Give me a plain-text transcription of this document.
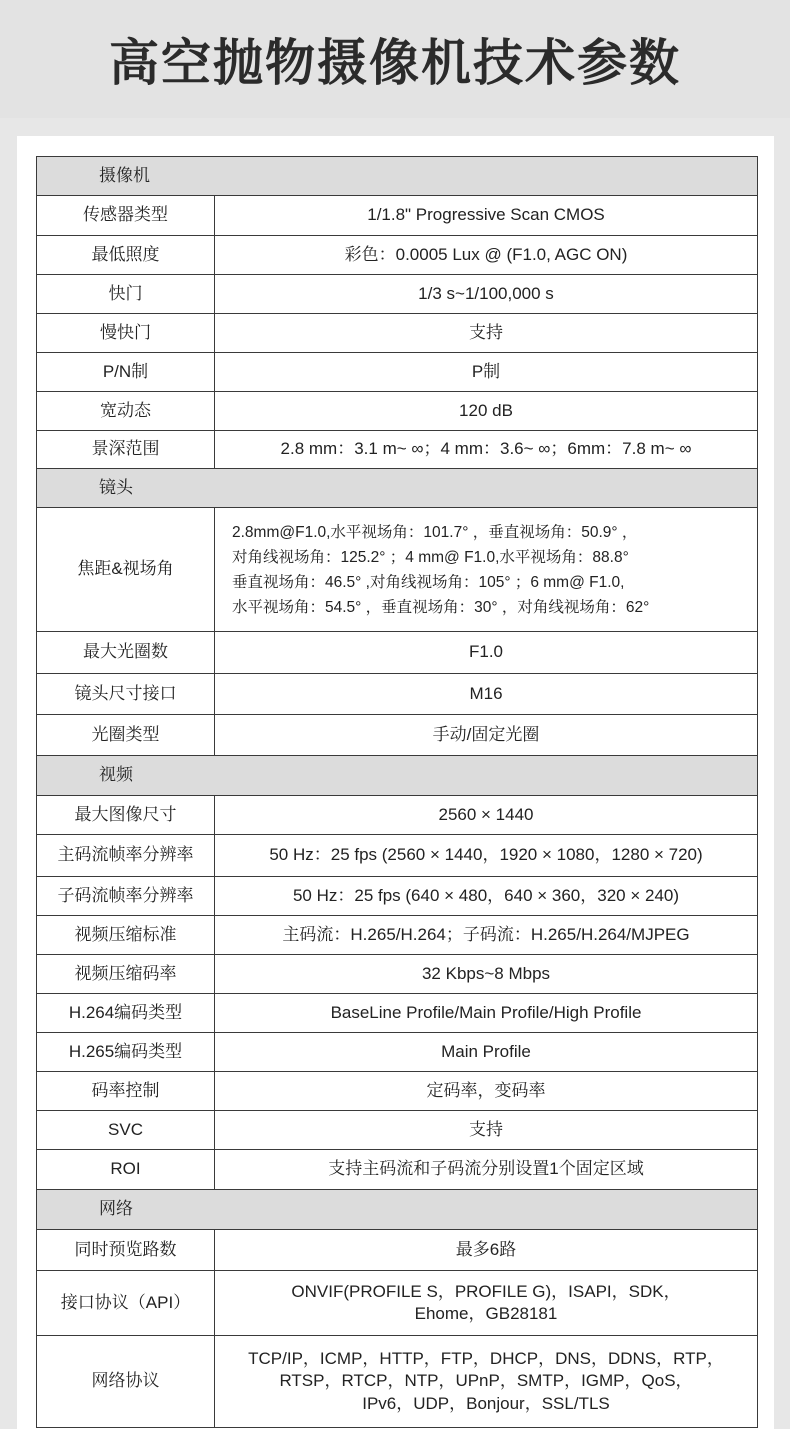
高空抛物摄像机技术参数
摄像机	
传感器类型	1/1.8" Progressive Scan CMOS
最低照度	彩色：0.0005 Lux @ (F1.0, AGC ON)
快门	1/3 s~1/100,000 s
慢快门	支持
P/N制	P制
宽动态	120 dB
景深范围	2.8 mm：3.1 m~ ∞；4 mm：3.6~ ∞；6mm：7.8 m~ ∞
镜头	
焦距&视场角	2.8mm@F1.0,水平视场角：101.7° ，垂直视场角：50.9° ，
对角线视场角：125.2° ；4 mm@ F1.0,水平视场角：88.8°
垂直视场角：46.5° ,对角线视场角：105° ；6 mm@ F1.0,
水平视场角：54.5° ，垂直视场角：30° ，对角线视场角：62°
最大光圈数	F1.0
镜头尺寸接口	M16
光圈类型	手动/固定光圈
视频	
最大图像尺寸	2560 × 1440
主码流帧率分辨率	50 Hz：25 fps (2560 × 1440，1920 × 1080，1280 × 720)
子码流帧率分辨率	50 Hz：25 fps (640 × 480，640 × 360，320 × 240)
视频压缩标准	主码流：H.265/H.264；子码流：H.265/H.264/MJPEG
视频压缩码率	32 Kbps~8 Mbps
H.264编码类型	BaseLine Profile/Main Profile/High Profile
H.265编码类型	Main Profile
码率控制	定码率，变码率
SVC	支持
ROI	支持主码流和子码流分别设置1个固定区域
网络	
同时预览路数	最多6路
接口协议（API）	ONVIF(PROFILE S，PROFILE G)，ISAPI，SDK，
Ehome，GB28181
网络协议	TCP/IP，ICMP，HTTP，FTP，DHCP，DNS，DDNS，RTP，
RTSP，RTCP，NTP，UPnP，SMTP，IGMP，QoS，
IPv6，UDP，Bonjour，SSL/TLS
